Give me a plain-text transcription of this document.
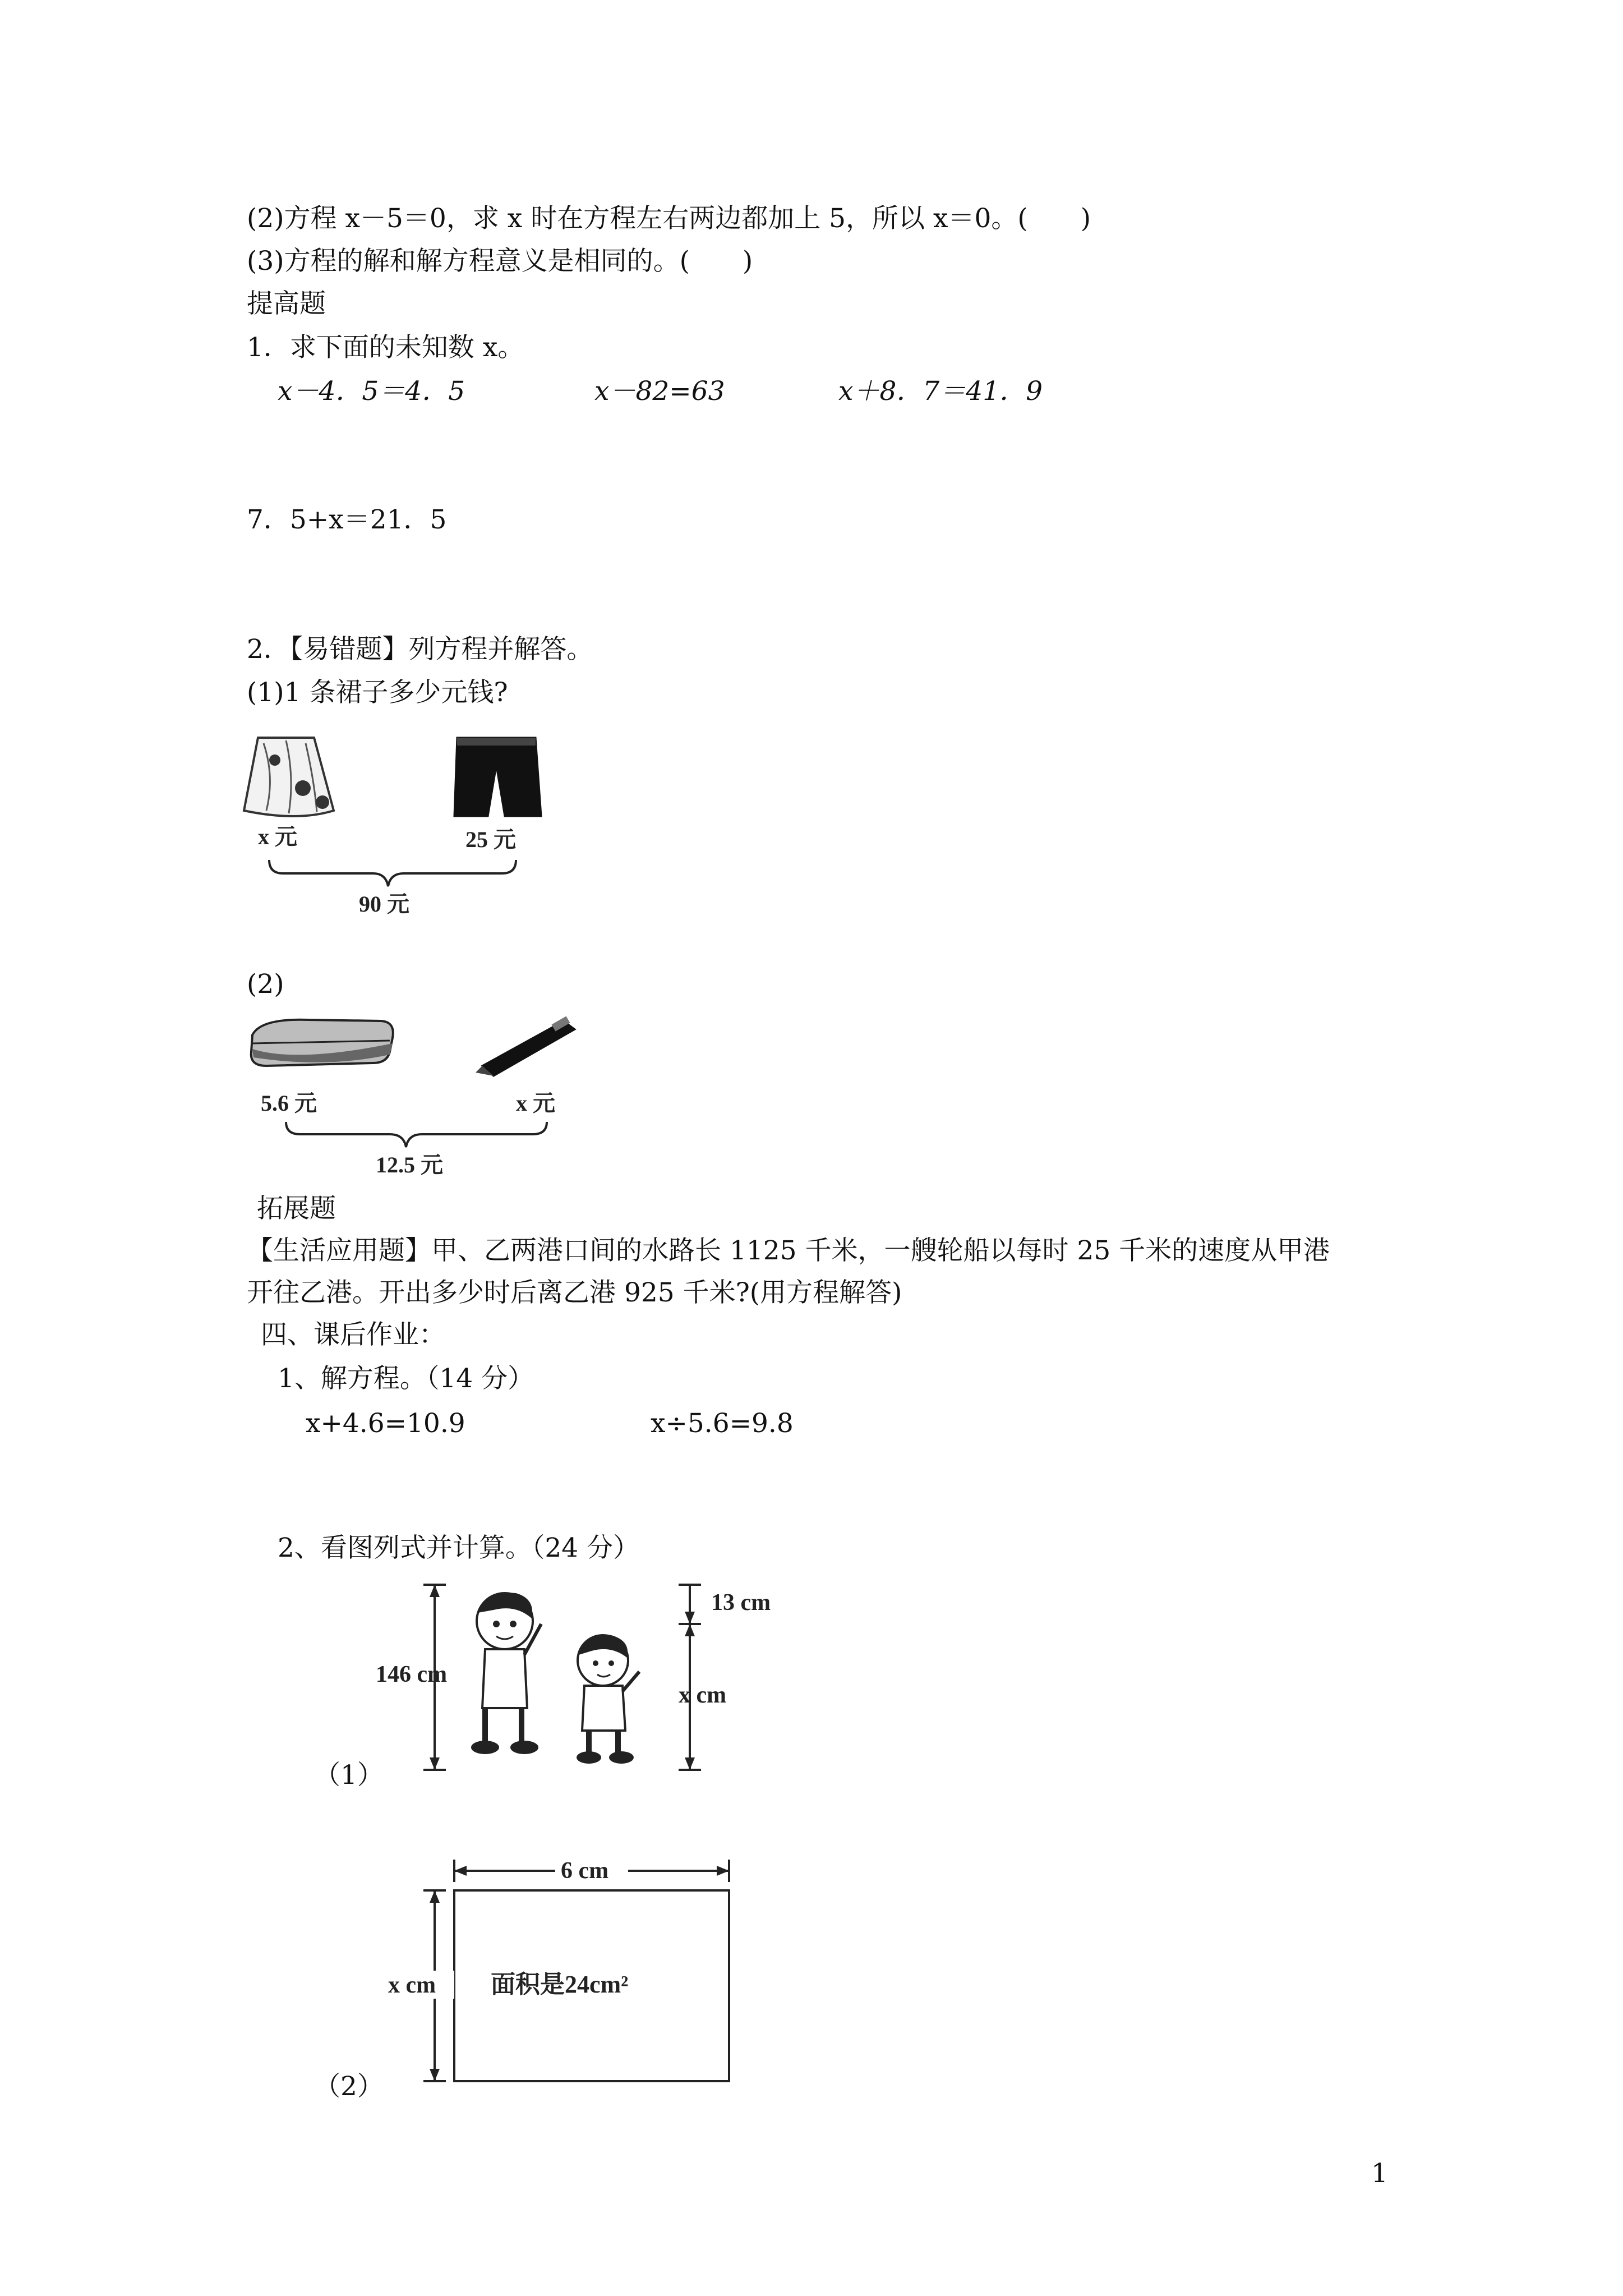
(2)方程 x－5＝0，求 x 时在方程左右两边都加上 5，所以 x＝0。(　　)
(3)方程的解和解方程意义是相同的。(　　)
提高题
1．求下面的未知数 x。
x－4．5＝4．5	x－82=63	x＋8．7＝41．9
7．5+x＝21．5
2．【易错题】列方程并解答。
(1)1 条裙子多少元钱?
x 元	25 元
90 元
(2)
5.6 元	x 元
12.5 元
拓展题
【生活应用题】甲、乙两港口间的水路长 1125 千米，一艘轮船以每时 25 千米的速度从甲港
开往乙港。开出多少时后离乙港 925 千米?(用方程解答)
四、课后作业：
1、解方程。（14 分）
x+4.6=10.9	x÷5.6=9.8
2、看图列式并计算。（24 分）
146 cm
13 cm
x cm
（1）
6 cm
x cm 面积是24cm²
（2）
1
